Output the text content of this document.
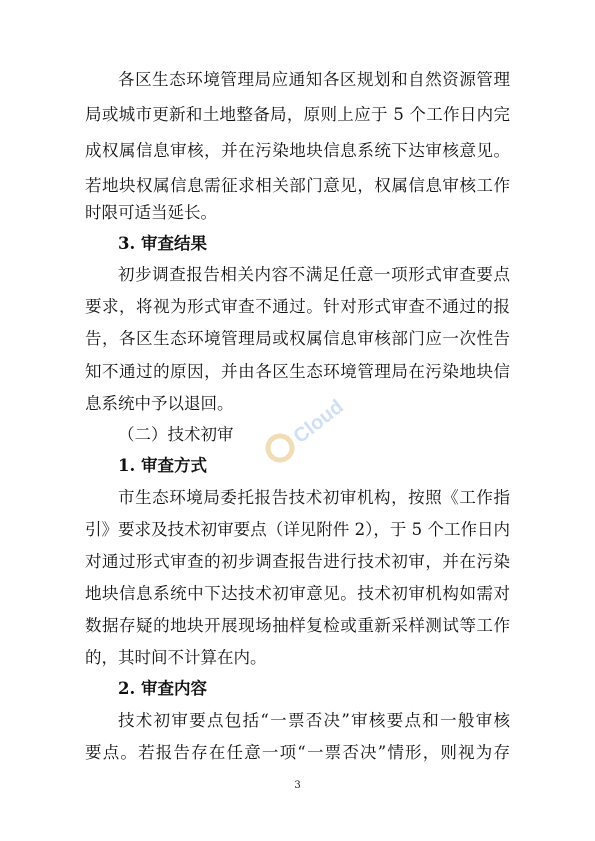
各区生态环境管理局应通知各区规划和自然资源管理
局或城市更新和土地整备局，原则上应于 5 个工作日内完
成权属信息审核，并在污染地块信息系统下达审核意见。
若地块权属信息需征求相关部门意见，权属信息审核工作
时限可适当延长。
3. 审查结果
初步调查报告相关内容不满足任意一项形式审查要点
要求，将视为形式审查不通过。针对形式审查不通过的报
告，各区生态环境管理局或权属信息审核部门应一次性告
知不通过的原因，并由各区生态环境管理局在污染地块信
息系统中予以退回。
（二）技术初审
1. 审查方式
市生态环境局委托报告技术初审机构，按照《工作指
引》要求及技术初审要点（详见附件 2），于 5 个工作日内
对通过形式审查的初步调查报告进行技术初审，并在污染
地块信息系统中下达技术初审意见。技术初审机构如需对
数据存疑的地块开展现场抽样复检或重新采样测试等工作
的，其时间不计算在内。
2. 审查内容
技术初审要点包括“一票否决”审核要点和一般审核
要点。若报告存在任意一项“一票否决”情形，则视为存
3
Cloud
